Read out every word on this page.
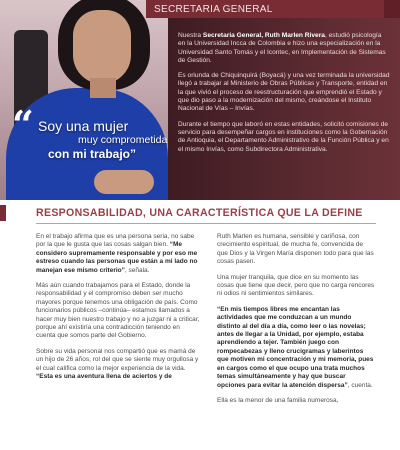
SECRETARIA GENERAL
“ Soy una mujer
muy comprometida
con mi trabajo”

Nuestra Secretaria General, Ruth Marlen Rivera, estudió psicología en la Universidad Incca de Colombia e hizo una especialización en la Universidad Santo Tomás y el Icontec, en Implementación de Sistemas de Gestión.

Es oriunda de Chiquinquirá (Boyacá) y una vez terminada la universidad llegó a trabajar al Ministerio de Obras Públicas y Transporte, entidad en la que vivió el proceso de reestructuración que emprendió el Estado y que dio paso a la modernización del mismo, creándose el Instituto Nacional de Vías – Invías.

Durante el tiempo que laboró en estas entidades, solicitó comisiones de servicio para desempeñar cargos en instituciones como la Gobernación de Antioquia, el Departamento Administrativo de la Función Pública y en el mismo Invías, como Subdirectora Administrativa.

RESPONSABILIDAD, UNA CARACTERÍSTICA QUE LA DEFINE

En el trabajo afirma que es una persona seria, no sabe por la que le gusta que las cosas salgan bien. “Me considero supremamente responsable y por eso me estreso cuando las personas que están a mi lado no manejan ese mismo criterio”, señala.

Más aún cuando trabajamos para el Estado, donde la responsabilidad y el compromiso deben ser mucho mayores porque tenemos una obligación de país. Como funcionarios públicos –continúa– estamos llamados a hacer muy bien nuestro trabajo y no a juzgar ni a criticar, porque ahí existiría una contradicción teniendo en cuenta que somos parte del Gobierno.

Sobre su vida personal nos compartió que es mamá de un hijo de 26 años, rol del que se siente muy orgullosa y el cual califica como la mejor experiencia de la vida. “Esta es una aventura llena de aciertos y de

Ruth Marlen es humana, sensible y cariñosa, con crecimiento espiritual, de mucha fe, convencida de que Dios y la Virgen María disponen todo para que las cosas pasen.

Una mujer tranquila, que dice en su momento las cosas que tiene que decir, pero que no carga rencores ni odios ni sentimientos similares.

“En mis tiempos libres me encantan las actividades que me conduzcan a un mundo distinto al del día a día, como leer o las novelas; antes de llegar a la Unidad, por ejemplo, estaba aprendiendo a tejer. También juego con rompecabezas y lleno crucigramas y laberintos que motiven mi concentración y mi memoria, pues en cargos como el que ocupo una trata muchos temas simultáneamente y hay que buscar opciones para evitar la atención dispersa”, cuenta.

Ella es la menor de una familia numerosa,
